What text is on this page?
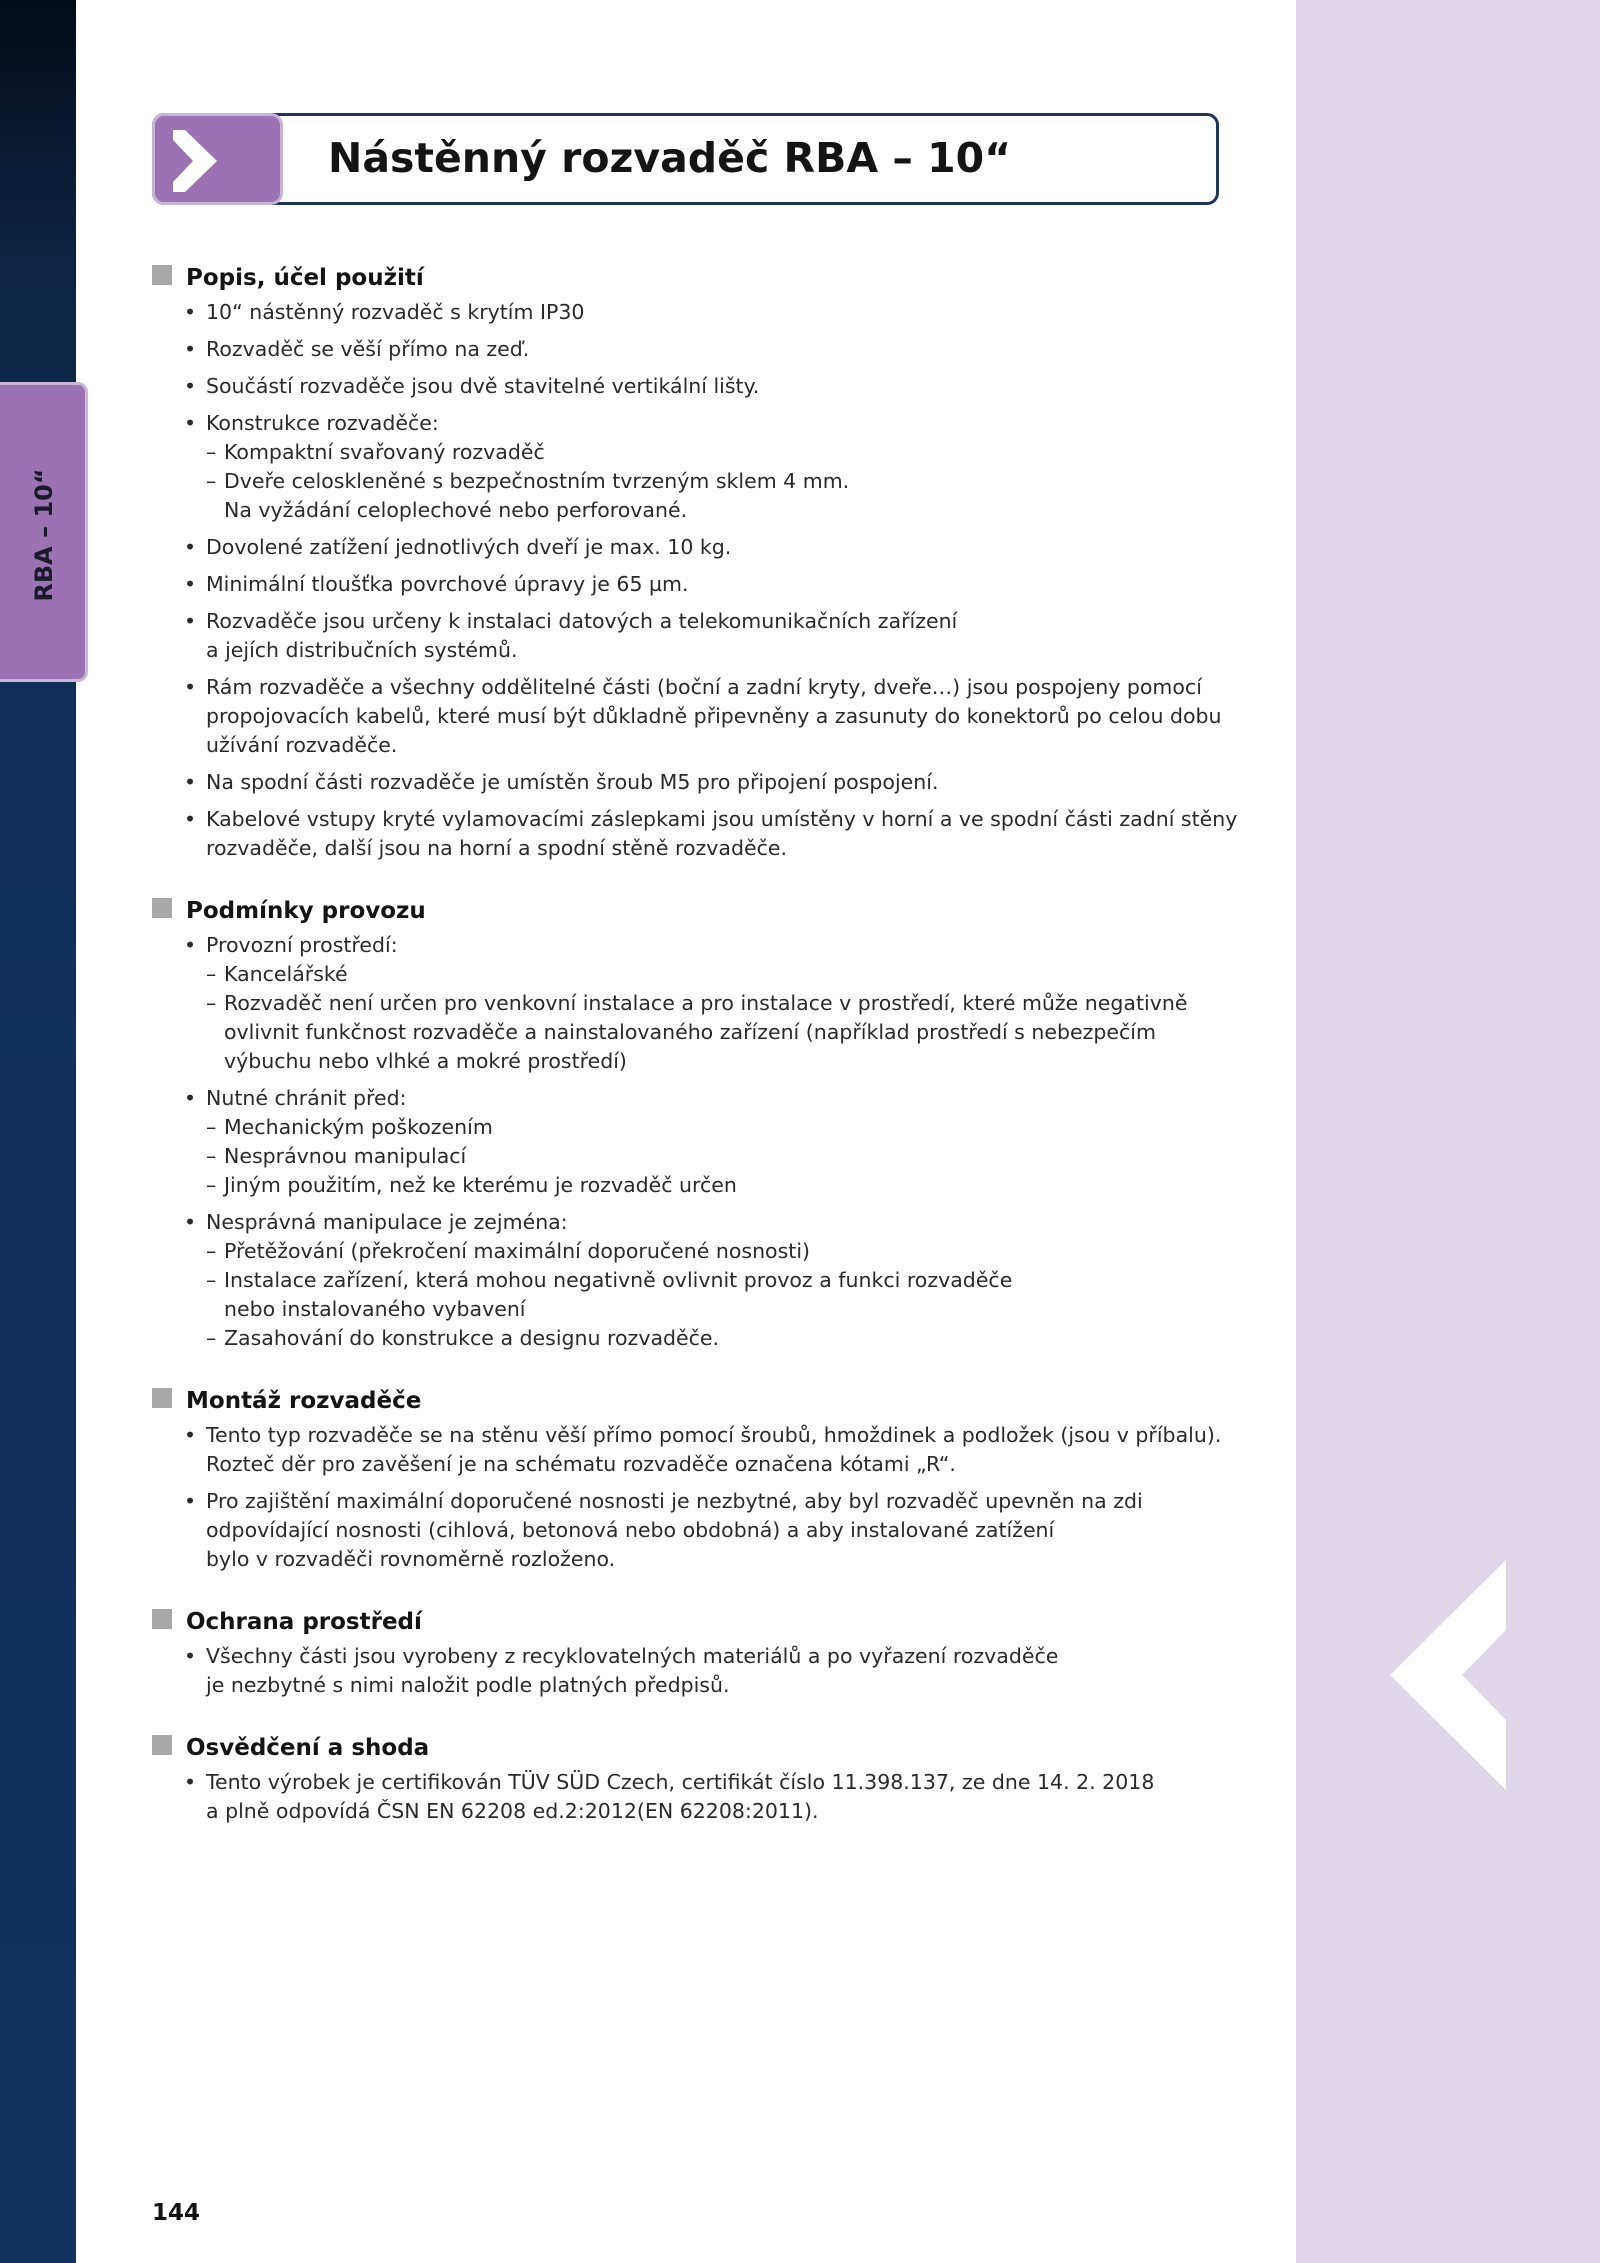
RBA – 10“
Nástěnný rozvaděč RBA – 10“
Popis, účel použití
• 10“ nástěnný rozvaděč s krytím IP30
• Rozvaděč se věší přímo na zeď.
• Součástí rozvaděče jsou dvě stavitelné vertikální lišty.
• Konstrukce rozvaděče:
– Kompaktní svařovaný rozvaděč
– Dveře celoskleněné s bezpečnostním tvrzeným sklem 4 mm.
Na vyžádání celoplechové nebo perforované.
• Dovolené zatížení jednotlivých dveří je max. 10 kg.
• Minimální tloušťka povrchové úpravy je 65 µm.
• Rozvaděče jsou určeny k instalaci datových a telekomunikačních zařízení
a jejích distribučních systémů.
• Rám rozvaděče a všechny oddělitelné části (boční a zadní kryty, dveře…) jsou pospojeny pomocí
propojovacích kabelů, které musí být důkladně připevněny a zasunuty do konektorů po celou dobu
užívání rozvaděče.
• Na spodní části rozvaděče je umístěn šroub M5 pro připojení pospojení.
• Kabelové vstupy kryté vylamovacími záslepkami jsou umístěny v horní a ve spodní části zadní stěny
rozvaděče, další jsou na horní a spodní stěně rozvaděče.
Podmínky provozu
• Provozní prostředí:
– Kancelářské
– Rozvaděč není určen pro venkovní instalace a pro instalace v prostředí, které může negativně
ovlivnit funkčnost rozvaděče a nainstalovaného zařízení (například prostředí s nebezpečím
výbuchu nebo vlhké a mokré prostředí)
• Nutné chránit před:
– Mechanickým poškozením
– Nesprávnou manipulací
– Jiným použitím, než ke kterému je rozvaděč určen
• Nesprávná manipulace je zejména:
– Přetěžování (překročení maximální doporučené nosnosti)
– Instalace zařízení, která mohou negativně ovlivnit provoz a funkci rozvaděče
nebo instalovaného vybavení
– Zasahování do konstrukce a designu rozvaděče.
Montáž rozvaděče
• Tento typ rozvaděče se na stěnu věší přímo pomocí šroubů, hmoždinek a podložek (jsou v příbalu).
Rozteč děr pro zavěšení je na schématu rozvaděče označena kótami „R“.
• Pro zajištění maximální doporučené nosnosti je nezbytné, aby byl rozvaděč upevněn na zdi
odpovídající nosnosti (cihlová, betonová nebo obdobná) a aby instalované zatížení
bylo v rozvaděči rovnoměrně rozloženo.
Ochrana prostředí
• Všechny části jsou vyrobeny z recyklovatelných materiálů a po vyřazení rozvaděče
je nezbytné s nimi naložit podle platných předpisů.
Osvědčení a shoda
• Tento výrobek je certifikován TÜV SÜD Czech, certifikát číslo 11.398.137, ze dne 14. 2. 2018
a plně odpovídá ČSN EN 62208 ed.2:2012(EN 62208:2011).
144
